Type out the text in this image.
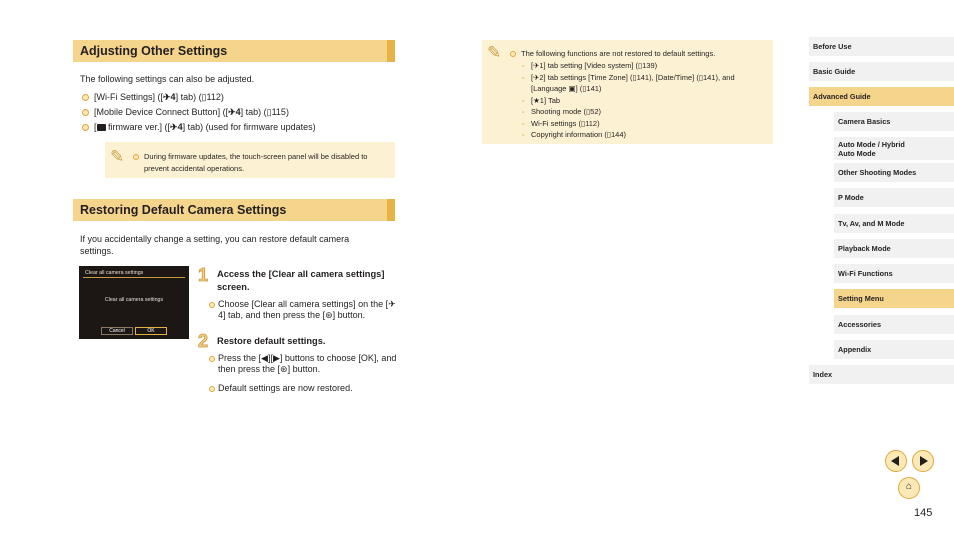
Adjusting Other Settings

The following settings can also be adjusted.

[Wi-Fi Settings] ([✈4] tab) (▯112)
[Mobile Device Connect Button] ([✈4] tab) (▯115)
[ firmware ver.] ([✈4] tab) (used for firmware updates)
✎	During firmware updates, the touch-screen panel will be disabled to prevent accidental operations.
Restoring Default Camera Settings

If you accidentally change a setting, you can restore default camera settings.

Clear all camera settings
Clear all camera settings
Cancel	OK
1 Access the [Clear all camera settings] screen.
Choose [Clear all camera settings] on the [✈4] tab, and then press the [⊛] button.
2 Restore default settings.
Press the [◀][▶] buttons to choose [OK], and then press the [⊛] button.
Default settings are now restored.
✎	The following functions are not restored to default settings.
- [✈1] tab setting [Video system] (▯139)
- [✈2] tab settings [Time Zone] (▯141), [Date/Time] (▯141), and [Language ▣] (▯141)
- [★1] Tab
- Shooting mode (▯52)
- Wi-Fi settings (▯112)
- Copyright information (▯144)
Before Use
Basic Guide
Advanced Guide
Camera Basics
Auto Mode / Hybrid Auto Mode
Other Shooting Modes
P Mode
Tv, Av, and M Mode
Playback Mode
Wi-Fi Functions
Setting Menu
Accessories
Appendix
Index
⌂
145
